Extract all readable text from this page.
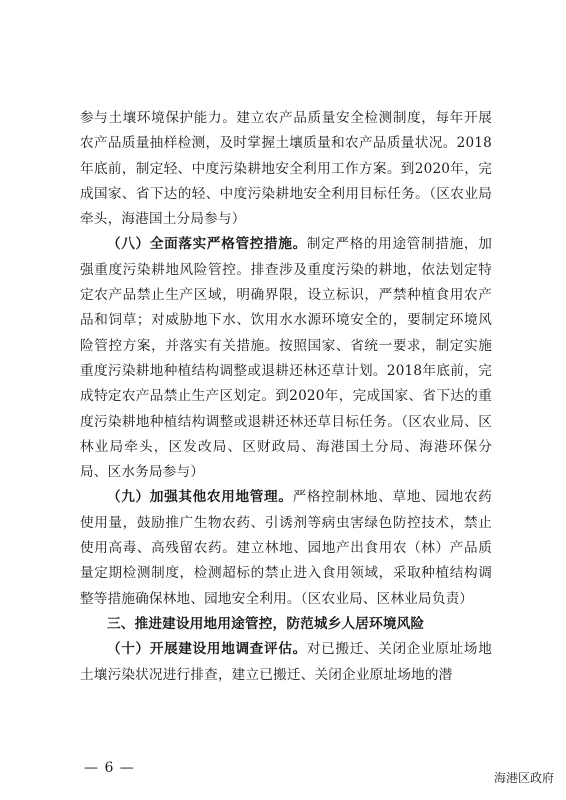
参与土壤环境保护能力。建立农产品质量安全检测制度，每年开展农产品质量抽样检测，及时掌握土壤质量和农产品质量状况。2018年底前，制定轻、中度污染耕地安全利用工作方案。到2020年，完成国家、省下达的轻、中度污染耕地安全利用目标任务。（区农业局牵头，海港国土分局参与）

（八）全面落实严格管控措施。制定严格的用途管制措施，加强重度污染耕地风险管控。排查涉及重度污染的耕地，依法划定特定农产品禁止生产区域，明确界限，设立标识，严禁种植食用农产品和饲草；对威胁地下水、饮用水水源环境安全的，要制定环境风险管控方案，并落实有关措施。按照国家、省统一要求，制定实施重度污染耕地种植结构调整或退耕还林还草计划。2018年底前，完成特定农产品禁止生产区划定。到2020年，完成国家、省下达的重度污染耕地种植结构调整或退耕还林还草目标任务。（区农业局、区林业局牵头，区发改局、区财政局、海港国土分局、海港环保分局、区水务局参与）

（九）加强其他农用地管理。严格控制林地、草地、园地农药使用量，鼓励推广生物农药、引诱剂等病虫害绿色防控技术，禁止使用高毒、高残留农药。建立林地、园地产出食用农（林）产品质量定期检测制度，检测超标的禁止进入食用领域，采取种植结构调整等措施确保林地、园地安全利用。（区农业局、区林业局负责）

三、推进建设用地用途管控，防范城乡人居环境风险

（十）开展建设用地调查评估。对已搬迁、关闭企业原址场地土壤污染状况进行排查，建立已搬迁、关闭企业原址场地的潜

— 6 —
海港区政府
